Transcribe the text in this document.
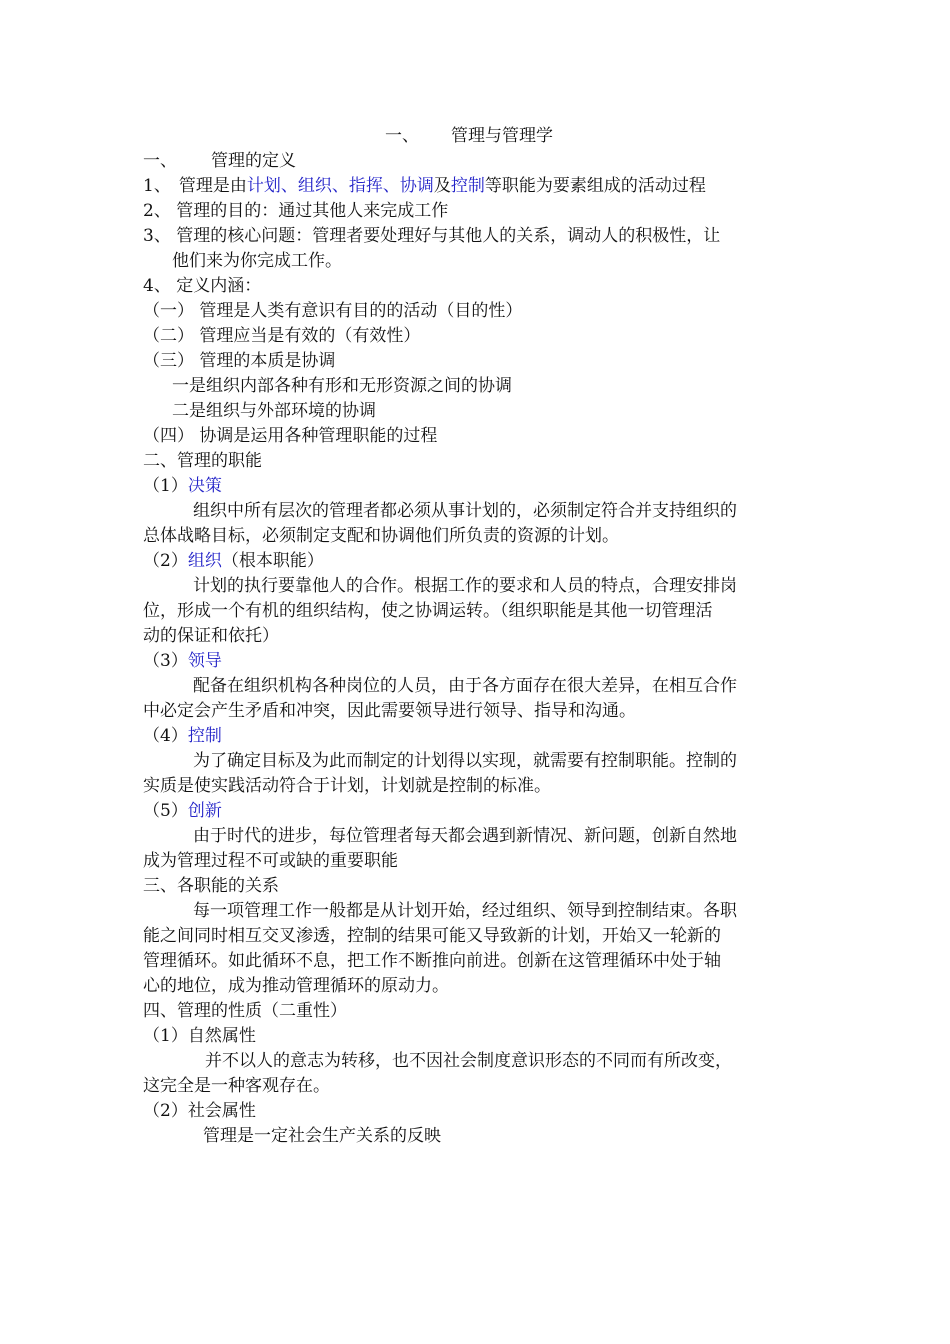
一、 管理与管理学
一、 管理的定义
1、 管理是由计划、组织、指挥、协调及控制等职能为要素组成的活动过程
2、 管理的目的：通过其他人来完成工作
3、 管理的核心问题：管理者要处理好与其他人的关系，调动人的积极性，让
他们来为你完成工作。
4、 定义内涵：
（一） 管理是人类有意识有目的的活动（目的性）
（二） 管理应当是有效的（有效性）
（三） 管理的本质是协调
一是组织内部各种有形和无形资源之间的协调
二是组织与外部环境的协调
（四） 协调是运用各种管理职能的过程
二、管理的职能
（1）决策
组织中所有层次的管理者都必须从事计划的，必须制定符合并支持组织的
总体战略目标，必须制定支配和协调他们所负责的资源的计划。
（2）组织（根本职能）
计划的执行要靠他人的合作。根据工作的要求和人员的特点，合理安排岗
位，形成一个有机的组织结构，使之协调运转。（组织职能是其他一切管理活
动的保证和依托）
（3）领导
配备在组织机构各种岗位的人员，由于各方面存在很大差异，在相互合作
中必定会产生矛盾和冲突，因此需要领导进行领导、指导和沟通。
（4）控制
为了确定目标及为此而制定的计划得以实现，就需要有控制职能。控制的
实质是使实践活动符合于计划，计划就是控制的标准。
（5）创新
由于时代的进步，每位管理者每天都会遇到新情况、新问题，创新自然地
成为管理过程不可或缺的重要职能
三、各职能的关系
每一项管理工作一般都是从计划开始，经过组织、领导到控制结束。各职
能之间同时相互交叉渗透，控制的结果可能又导致新的计划，开始又一轮新的
管理循环。如此循环不息，把工作不断推向前进。创新在这管理循环中处于轴
心的地位，成为推动管理循环的原动力。
四、管理的性质（二重性）
（1）自然属性
并不以人的意志为转移，也不因社会制度意识形态的不同而有所改变，
这完全是一种客观存在。
（2）社会属性
管理是一定社会生产关系的反映
